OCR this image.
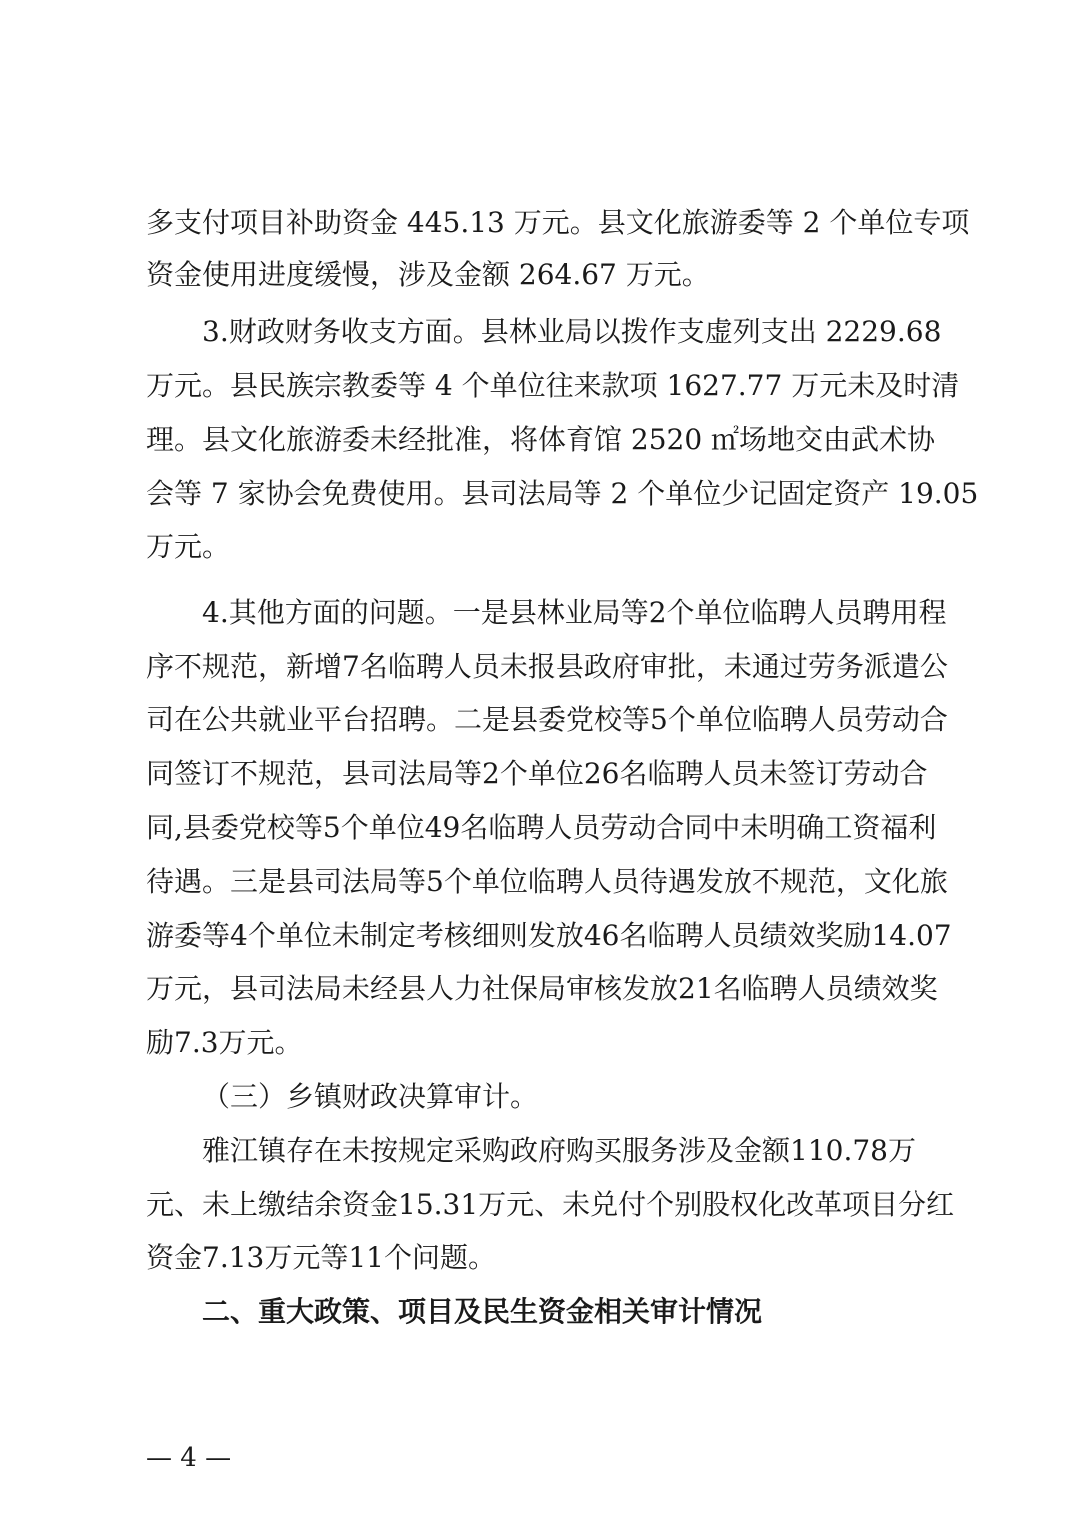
多支付项目补助资金 445.13 万元。县文化旅游委等 2 个单位专项
资金使用进度缓慢，涉及金额 264.67 万元。
3.财政财务收支方面。县林业局以拨作支虚列支出 2229.68
万元。县民族宗教委等 4 个单位往来款项 1627.77 万元未及时清
理。县文化旅游委未经批准，将体育馆 2520 ㎡场地交由武术协
会等 7 家协会免费使用。县司法局等 2 个单位少记固定资产 19.05
万元。
4.其他方面的问题。一是县林业局等2个单位临聘人员聘用程
序不规范，新增7名临聘人员未报县政府审批，未通过劳务派遣公
司在公共就业平台招聘。二是县委党校等5个单位临聘人员劳动合
同签订不规范，县司法局等2个单位26名临聘人员未签订劳动合
同,县委党校等5个单位49名临聘人员劳动合同中未明确工资福利
待遇。三是县司法局等5个单位临聘人员待遇发放不规范，文化旅
游委等4个单位未制定考核细则发放46名临聘人员绩效奖励14.07
万元，县司法局未经县人力社保局审核发放21名临聘人员绩效奖
励7.3万元。
（三）乡镇财政决算审计。
雅江镇存在未按规定采购政府购买服务涉及金额110.78万
元、未上缴结余资金15.31万元、未兑付个别股权化改革项目分红
资金7.13万元等11个问题。
二、重大政策、项目及民生资金相关审计情况
— 4 —
